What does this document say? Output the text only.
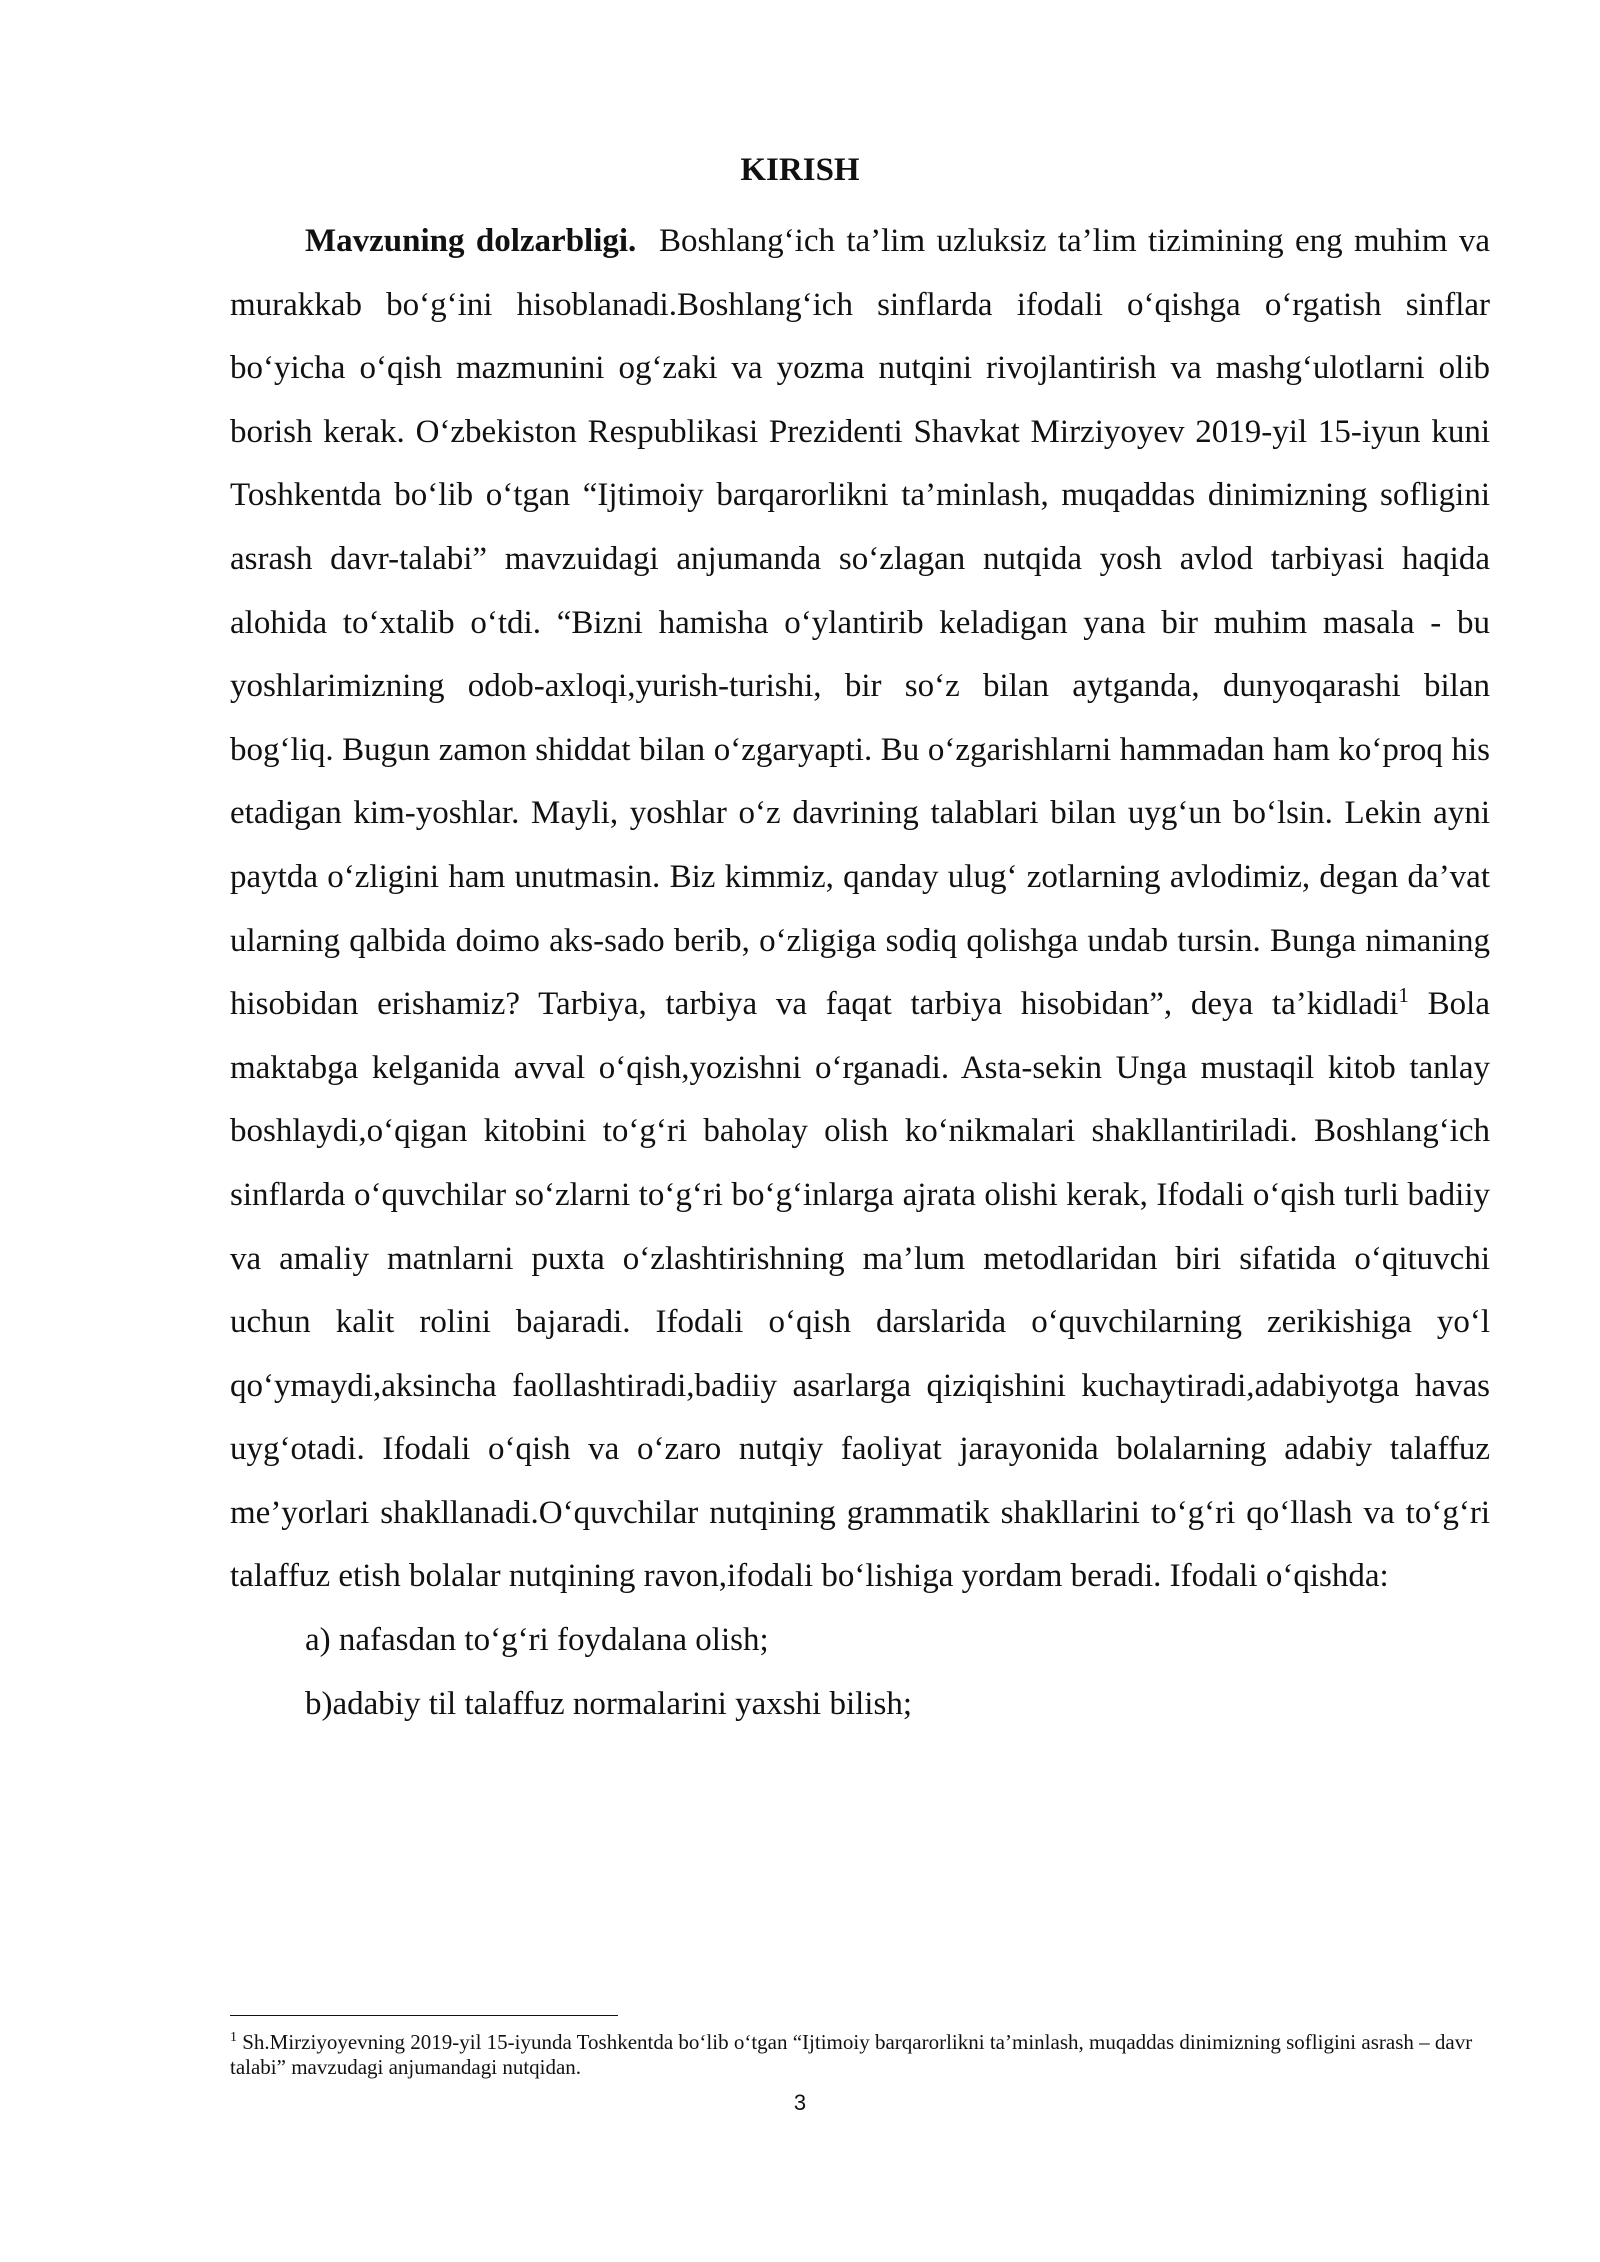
KIRISH

Mavzuning dolzarbligi. Boshlang‘ich ta’lim uzluksiz ta’lim tizimining eng muhim va murakkab bo‘g‘ini hisoblanadi.Boshlang‘ich sinflarda ifodali o‘qishga o‘rgatish sinflar bo‘yicha o‘qish mazmunini og‘zaki va yozma nutqini rivojlantirish va mashg‘ulotlarni olib borish kerak. O‘zbekiston Respublikasi Prezidenti Shavkat Mirziyoyev 2019-yil 15-iyun kuni Toshkentda bo‘lib o‘tgan “Ijtimoiy barqarorlikni ta’minlash, muqaddas dinimizning sofligini asrash davr-talabi” mavzuidagi anjumanda so‘zlagan nutqida yosh avlod tarbiyasi haqida alohida to‘xtalib o‘tdi. “Bizni hamisha o‘ylantirib keladigan yana bir muhim masala - bu yoshlarimizning odob-axloqi,yurish-turishi, bir so‘z bilan aytganda, dunyoqarashi bilan bog‘liq. Bugun zamon shiddat bilan o‘zgaryapti. Bu o‘zgarishlarni hammadan ham ko‘proq his etadigan kim-yoshlar. Mayli, yoshlar o‘z davrining talablari bilan uyg‘un bo‘lsin. Lekin ayni paytda o‘zligini ham unutmasin. Biz kimmiz, qanday ulug‘ zotlarning avlodimiz, degan da’vat ularning qalbida doimo aks-sado berib, o‘zligiga sodiq qolishga undab tursin. Bunga nimaning hisobidan erishamiz? Tarbiya, tarbiya va faqat tarbiya hisobidan”, deya ta’kidladi$^1$ Bola maktabga kelganida avval o‘qish,yozishni o‘rganadi. Asta-sekin Unga mustaqil kitob tanlay boshlaydi,o‘qigan kitobini to‘g‘ri baholay olish ko‘nikmalari shakllantiriladi. Boshlang‘ich sinflarda o‘quvchilar so‘zlarni to‘g‘ri bo‘g‘inlarga ajrata olishi kerak, Ifodali o‘qish turli badiiy va amaliy matnlarni puxta o‘zlashtirishning ma’lum metodlaridan biri sifatida o‘qituvchi uchun kalit rolini bajaradi. Ifodali o‘qish darslarida o‘quvchilarning zerikishiga yo‘l qo‘ymaydi,aksincha faollashtiradi,badiiy asarlarga qiziqishini kuchaytiradi,adabiyotga havas uyg‘otadi. Ifodali o‘qish va o‘zaro nutqiy faoliyat jarayonida bolalarning adabiy talaffuz me’yorlari shakllanadi.O‘quvchilar nutqining grammatik shakllarini to‘g‘ri qo‘llash va to‘g‘ri talaffuz etish bolalar nutqining ravon,ifodali bo‘lishiga yordam beradi. Ifodali o‘qishda:

a) nafasdan to‘g‘ri foydalana olish;

b)adabiy til talaffuz normalarini yaxshi bilish;

$^1$ Sh.Mirziyoyevning 2019-yil 15-iyunda Toshkentda bo‘lib o‘tgan “Ijtimoiy barqarorlikni ta’minlash, muqaddas dinimizning sofligini asrash – davr talabi” mavzudagi anjumandagi nutqidan.

3
